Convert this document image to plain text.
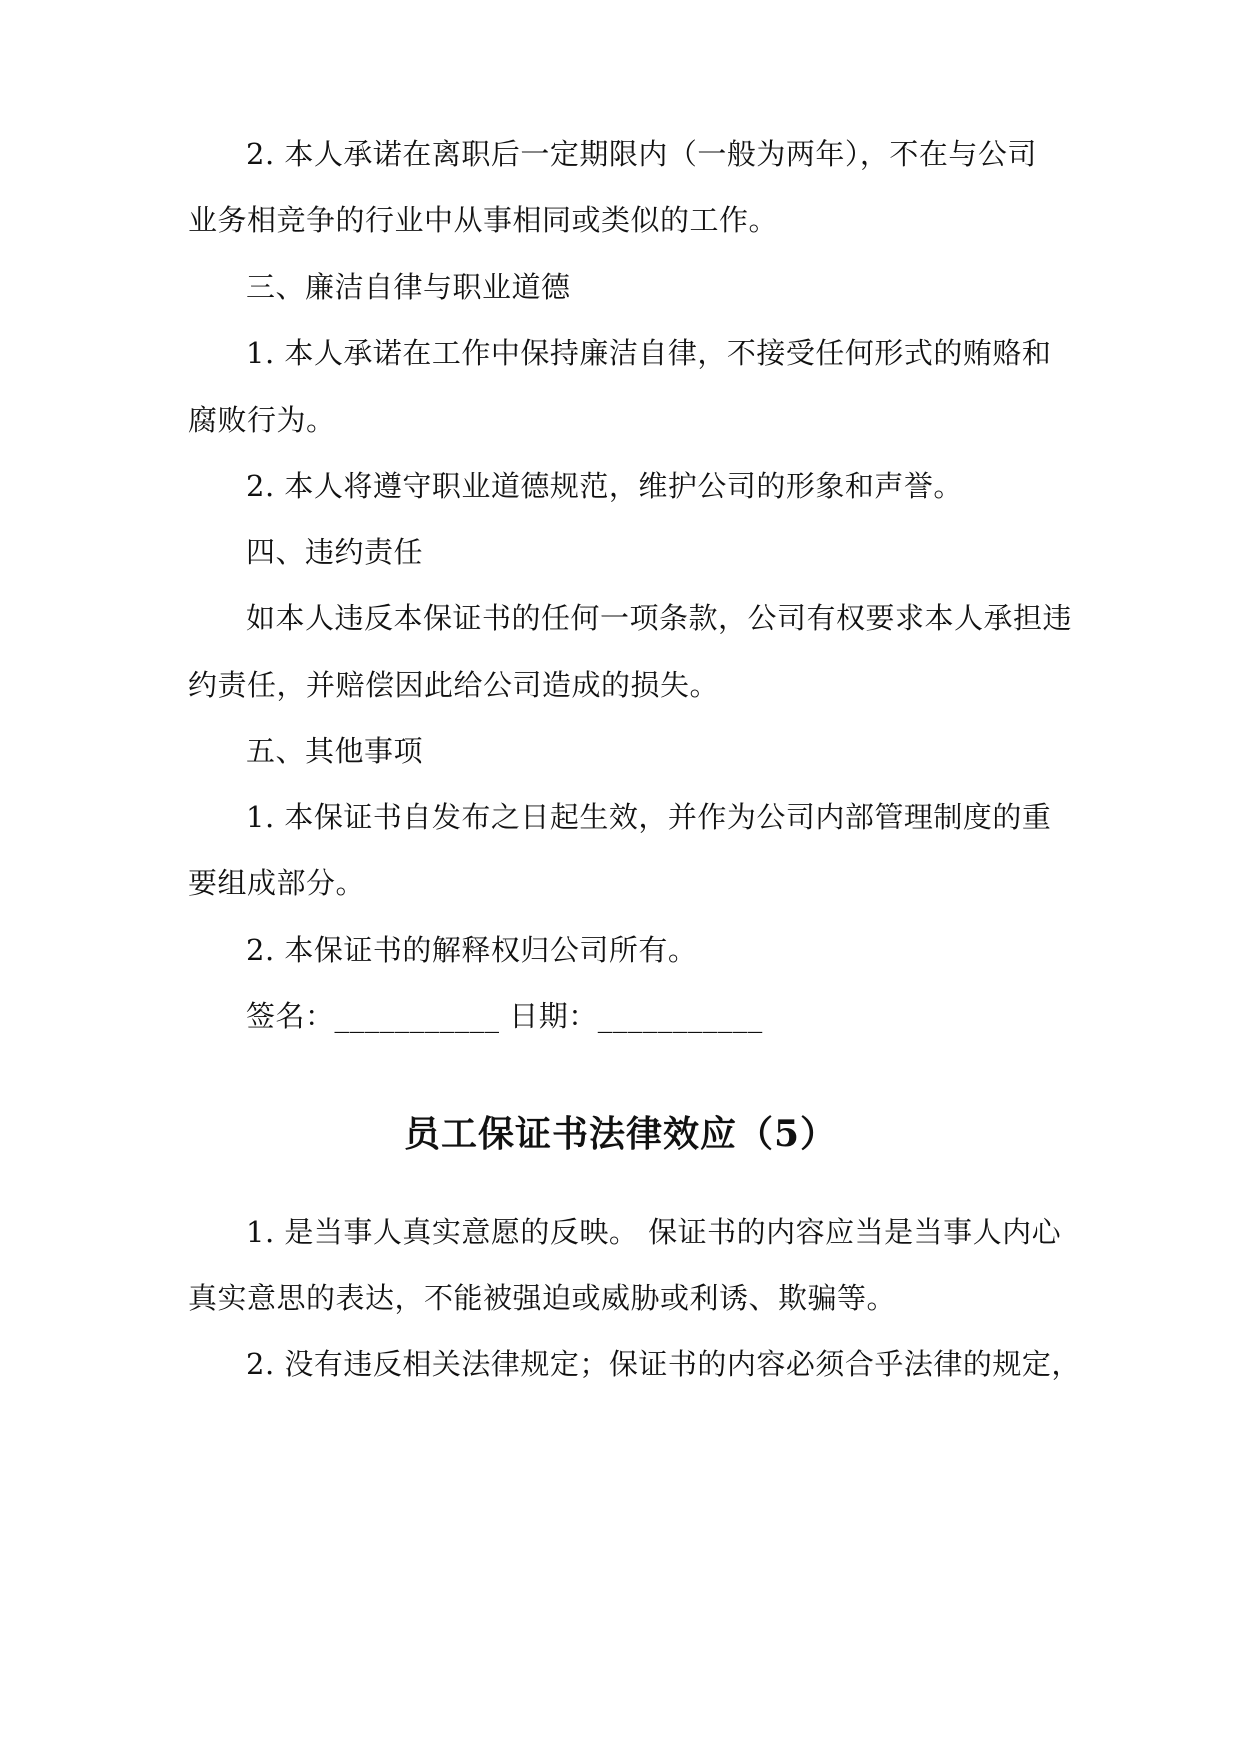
2. 本人承诺在离职后一定期限内（一般为两年），不在与公司
业务相竞争的行业中从事相同或类似的工作。
三、廉洁自律与职业道德
1. 本人承诺在工作中保持廉洁自律，不接受任何形式的贿赂和
腐败行为。
2. 本人将遵守职业道德规范，维护公司的形象和声誉。
四、违约责任
如本人违反本保证书的任何一项条款，公司有权要求本人承担违
约责任，并赔偿因此给公司造成的损失。
五、其他事项
1. 本保证书自发布之日起生效，并作为公司内部管理制度的重
要组成部分。
2. 本保证书的解释权归公司所有。
签名：___________ 日期：___________
员工保证书法律效应（5）
1. 是当事人真实意愿的反映。 保证书的内容应当是当事人内心
真实意思的表达，不能被强迫或威胁或利诱、欺骗等。
2. 没有违反相关法律规定；保证书的内容必须合乎法律的规定，
